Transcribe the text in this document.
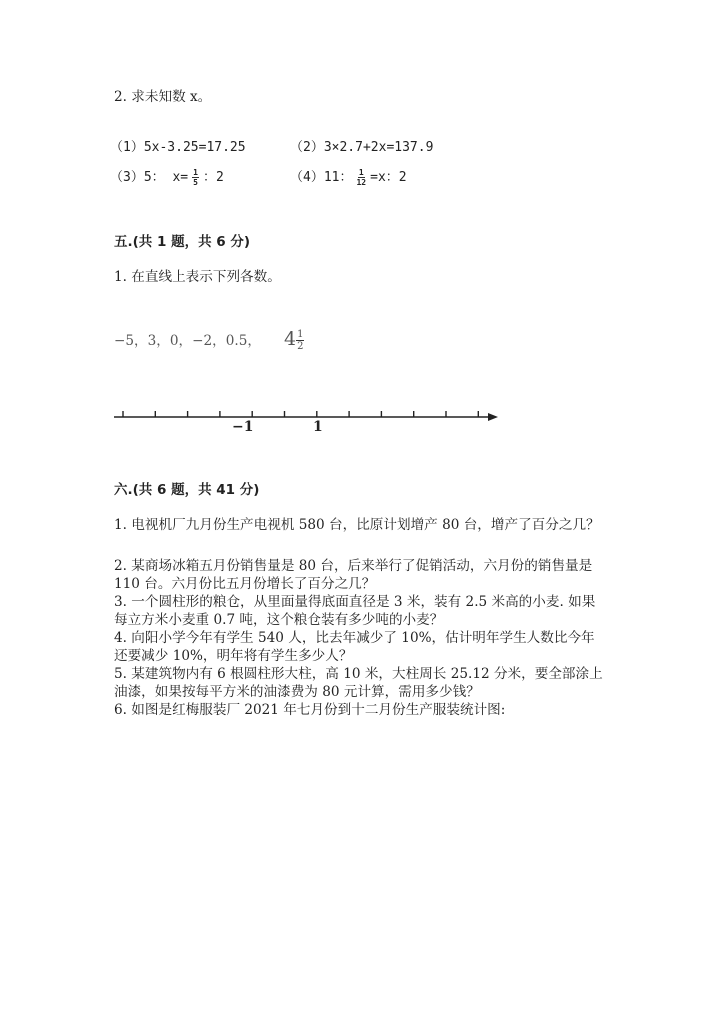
2. 求未知数 x。
（1）5x-3.25=17.25	（2）3×2.7+2x=137.9
（3）5： $x= \frac{1}{5}$ ：2	（4）11： $\frac{1}{12} =x$：2
五.(共 1 题，共 6 分)
1. 在直线上表示下列各数。
−5，3，0，−2，0.5， $4 \frac{1}{2}$
−1	1
六.(共 6 题，共 41 分)
1. 电视机厂九月份生产电视机 580 台，比原计划增产 80 台，增产了百分之几？
2. 某商场冰箱五月份销售量是 80 台，后来举行了促销活动，六月份的销售量是
110 台。六月份比五月份增长了百分之几？
3. 一个圆柱形的粮仓，从里面量得底面直径是 3 米，装有 2.5 米高的小麦. 如果
每立方米小麦重 0.7 吨，这个粮仓装有多少吨的小麦？
4. 向阳小学今年有学生 540 人，比去年减少了 10%，估计明年学生人数比今年
还要减少 10%，明年将有学生多少人？
5. 某建筑物内有 6 根圆柱形大柱，高 10 米，大柱周长 25.12 分米，要全部涂上
油漆，如果按每平方米的油漆费为 80 元计算，需用多少钱？
6. 如图是红梅服装厂 2021 年七月份到十二月份生产服装统计图:
